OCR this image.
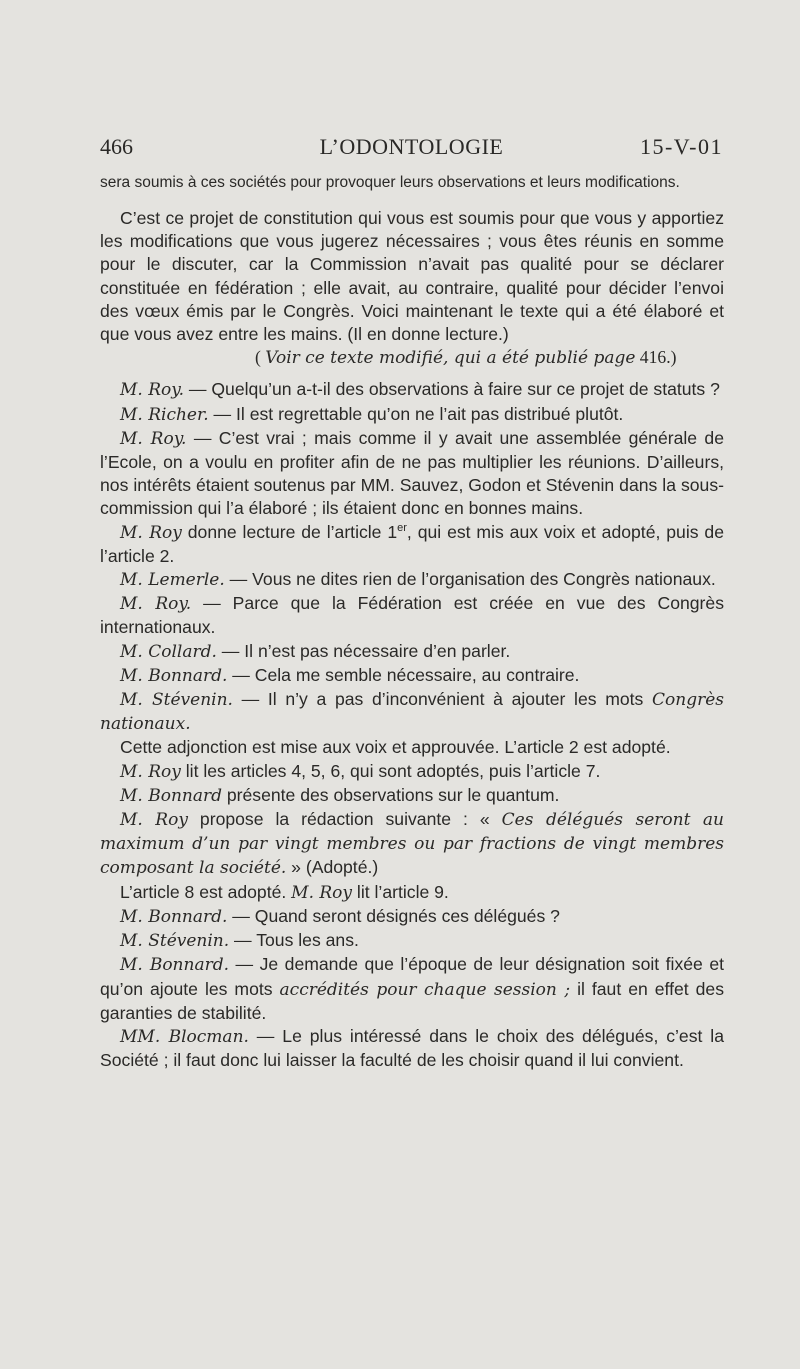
466	L’ODONTOLOGIE	15-V-01

sera soumis à ces sociétés pour provoquer leurs observations et leurs modifications.

C’est ce projet de constitution qui vous est soumis pour que vous y apportiez les modifications que vous jugerez nécessaires ; vous êtes réunis en somme pour le discuter, car la Commission n’avait pas qualité pour se déclarer constituée en fédération ; elle avait, au contraire, qualité pour décider l’envoi des vœux émis par le Congrès. Voici maintenant le texte qui a été élaboré et que vous avez entre les mains. (Il en donne lecture.)

( Voir ce texte modifié, qui a été publié page 416.)

M. Roy. — Quelqu’un a-t-il des observations à faire sur ce projet de statuts ?

M. Richer. — Il est regrettable qu’on ne l’ait pas distribué plutôt.

M. Roy. — C’est vrai ; mais comme il y avait une assemblée générale de l’Ecole, on a voulu en profiter afin de ne pas multiplier les réunions. D’ailleurs, nos intérêts étaient soutenus par MM. Sauvez, Godon et Stévenin dans la sous-commission qui l’a élaboré ; ils étaient donc en bonnes mains.

M. Roy donne lecture de l’article 1er, qui est mis aux voix et adopté, puis de l’article 2.

M. Lemerle. — Vous ne dites rien de l’organisation des Congrès nationaux.

M. Roy. — Parce que la Fédération est créée en vue des Congrès internationaux.

M. Collard. — Il n’est pas nécessaire d’en parler.

M. Bonnard. — Cela me semble nécessaire, au contraire.

M. Stévenin. — Il n’y a pas d’inconvénient à ajouter les mots Congrès nationaux.

Cette adjonction est mise aux voix et approuvée. L’article 2 est adopté.

M. Roy lit les articles 4, 5, 6, qui sont adoptés, puis l’article 7.

M. Bonnard présente des observations sur le quantum.

M. Roy propose la rédaction suivante : « Ces délégués seront au maximum d’un par vingt membres ou par fractions de vingt membres composant la société. » (Adopté.)

L’article 8 est adopté. M. Roy lit l’article 9.

M. Bonnard. — Quand seront désignés ces délégués ?

M. Stévenin. — Tous les ans.

M. Bonnard. — Je demande que l’époque de leur désignation soit fixée et qu’on ajoute les mots accrédités pour chaque session ; il faut en effet des garanties de stabilité.

MM. Blocman. — Le plus intéressé dans le choix des délégués, c’est la Société ; il faut donc lui laisser la faculté de les choisir quand il lui convient.
